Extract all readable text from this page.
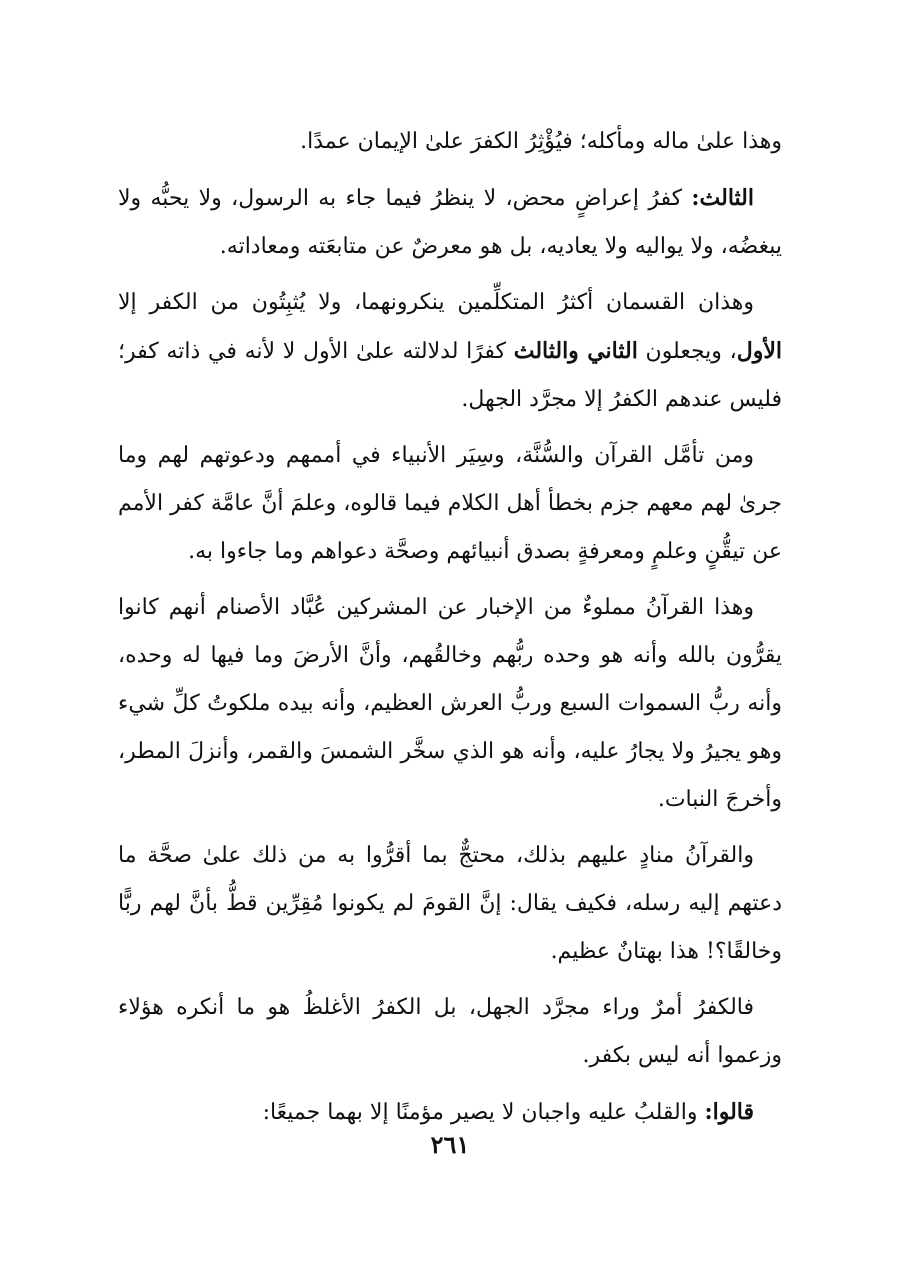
وهذا علىٰ ماله ومأكله؛ فيُؤْثِرُ الكفرَ علىٰ الإيمان عمدًا.

الثالث: كفرُ إعراضٍ محض، لا ينظرُ فيما جاء به الرسول، ولا يحبُّه ولا يبغضُه، ولا يواليه ولا يعاديه، بل هو معرضٌ عن متابعَته ومعاداته.

وهذان القسمان أكثرُ المتكلِّمين ينكرونهما، ولا يُثبِتُون من الكفر إلا الأول، ويجعلون الثاني والثالث كفرًا لدلالته علىٰ الأول لا لأنه في ذاته كفر؛ فليس عندهم الكفرُ إلا مجرَّد الجهل.

ومن تأمَّل القرآن والسُّنَّة، وسِيَر الأنبياء في أممهم ودعوتهم لهم وما جرىٰ لهم معهم جزم بخطأ أهل الكلام فيما قالوه، وعلمَ أنَّ عامَّة كفر الأمم عن تيقُّنٍ وعلمٍ ومعرفةٍ بصدق أنبيائهم وصحَّة دعواهم وما جاءوا به.

وهذا القرآنُ مملوءٌ من الإخبار عن المشركين عُبَّاد الأصنام أنهم كانوا يقرُّون بالله وأنه هو وحده ربُّهم وخالقُهم، وأنَّ الأرضَ وما فيها له وحده، وأنه ربُّ السموات السبع وربُّ العرش العظيم، وأنه بيده ملكوتُ كلِّ شيء وهو يجيرُ ولا يجارُ عليه، وأنه هو الذي سخَّر الشمسَ والقمر، وأنزلَ المطر، وأخرجَ النبات.

والقرآنُ منادٍ عليهم بذلك، محتجٌّ بما أقرُّوا به من ذلك علىٰ صحَّة ما دعتهم إليه رسله، فكيف يقال: إنَّ القومَ لم يكونوا مُقِرِّين قطُّ بأنَّ لهم ربًّا وخالقًا؟! هذا بهتانٌ عظيم.

فالكفرُ أمرٌ وراء مجرَّد الجهل، بل الكفرُ الأغلظُ هو ما أنكره هؤلاء وزعموا أنه ليس بكفر.

قالوا: والقلبُ عليه واجبان لا يصير مؤمنًا إلا بهما جميعًا:

٢٦١
